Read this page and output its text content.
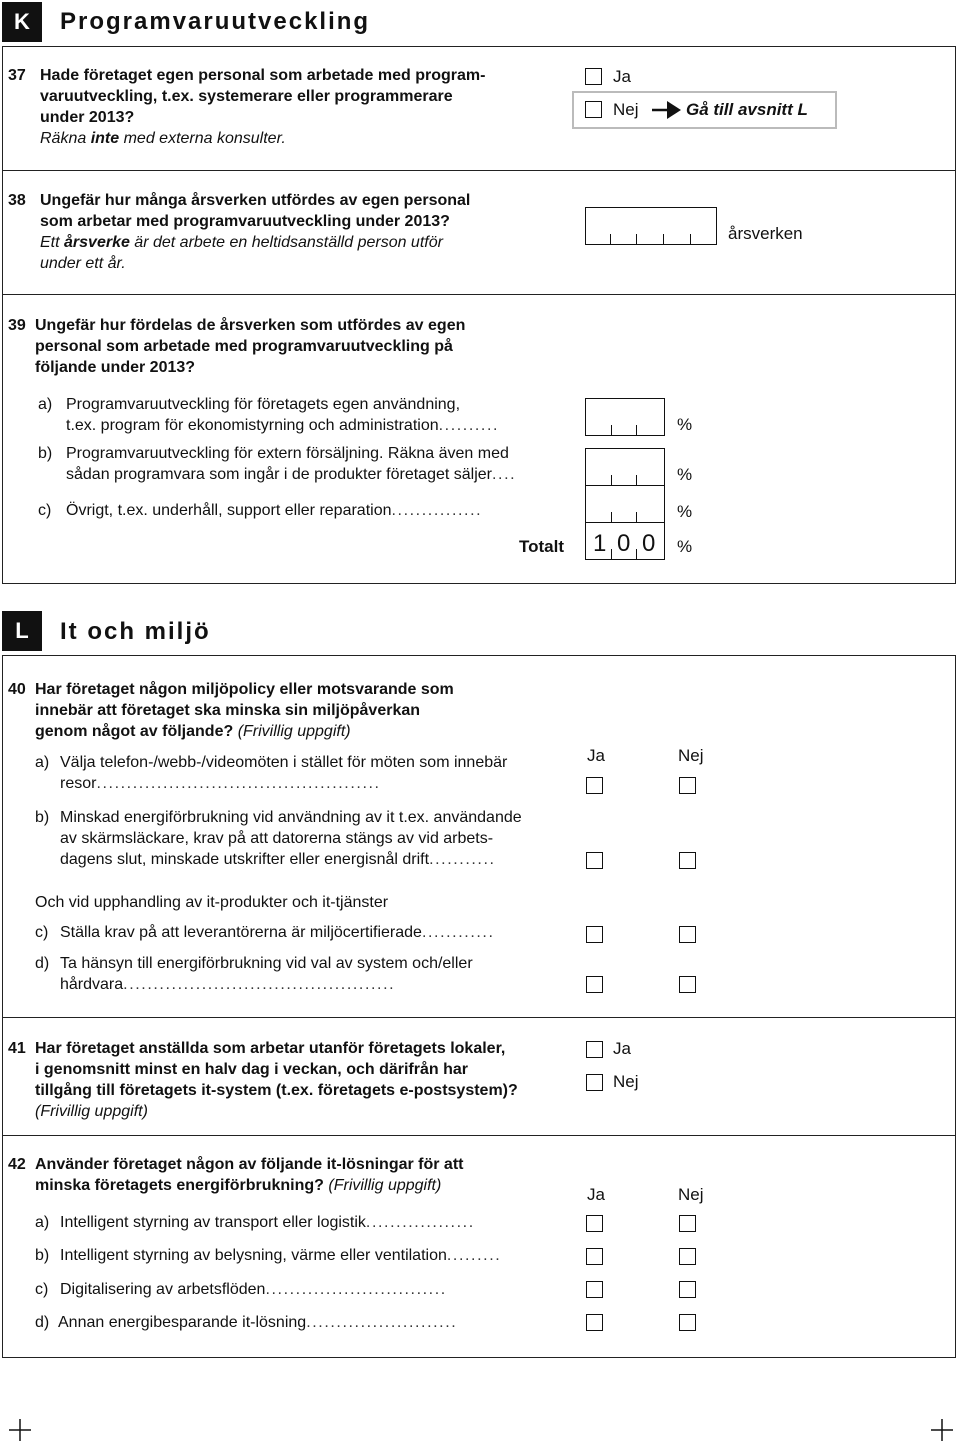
K	Programvaruutveckling
37 Hade företaget egen personal som arbetade med program-
varuutveckling, t.ex. systemerare eller programmerare
under 2013?
Räkna inte med externa konsulter.
Ja
Nej	Gå till avsnitt L
38 Ungefär hur många årsverken utfördes av egen personal
som arbetar med programvaruutveckling under 2013?
Ett årsverke är det arbete en heltidsanställd person utför
under ett år.
årsverken
39 Ungefär hur fördelas de årsverken som utfördes av egen
personal som arbetade med programvaruutveckling på
följande under 2013?
a) Programvaruutveckling för företagets egen användning,
t.ex. program för ekonomistyrning och administration..........	%
b) Programvaruutveckling för extern försäljning. Räkna även med
sådan programvara som ingår i de produkter företaget säljer....	%
c) Övrigt, t.ex. underhåll, support eller reparation...............	%
Totalt 1 0 0 %
L	It och miljö
40 Har företaget någon miljöpolicy eller motsvarande som
innebär att företaget ska minska sin miljöpåverkan
genom något av följande? (Frivillig uppgift)
Ja	Nej
a) Välja telefon-/webb-/videomöten i stället för möten som innebär
resor...............................................
b) Minskad energiförbrukning vid användning av it t.ex. användande
av skärmsläckare, krav på att datorerna stängs av vid arbets-
dagens slut, minskade utskrifter eller energisnål drift...........
Och vid upphandling av it-produkter och it-tjänster
c) Ställa krav på att leverantörerna är miljöcertifierade............
d) Ta hänsyn till energiförbrukning vid val av system och/eller
hårdvara.............................................
41 Har företaget anställda som arbetar utanför företagets lokaler,
i genomsnitt minst en halv dag i veckan, och därifrån har
tillgång till företagets it-system (t.ex. företagets e-postsystem)?
(Frivillig uppgift)
Ja
Nej
42 Använder företaget någon av följande it-lösningar för att
minska företagets energiförbrukning? (Frivillig uppgift)	Ja	Nej
a) Intelligent styrning av transport eller logistik..................
b) Intelligent styrning av belysning, värme eller ventilation.........
c) Digitalisering av arbetsflöden..............................
d) Annan energibesparande it-lösning.........................
